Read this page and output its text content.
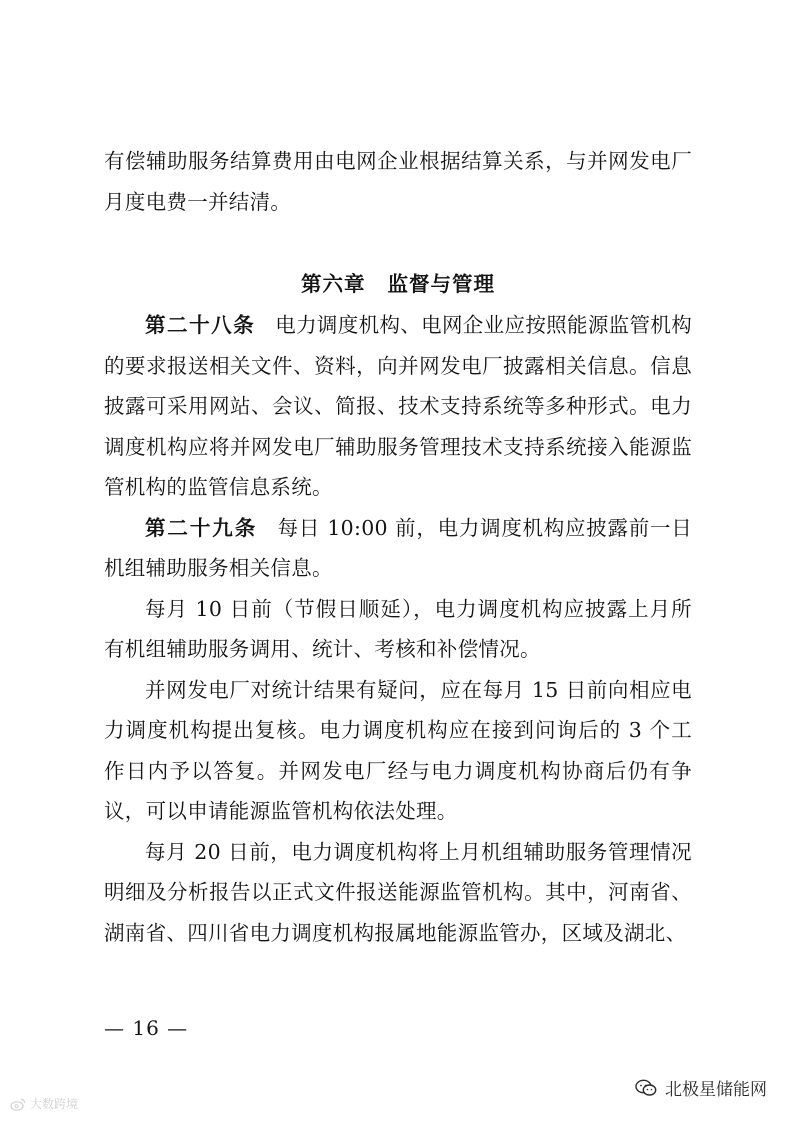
有偿辅助服务结算费用由电网企业根据结算关系，与并网发电厂月度电费一并结清。
第六章 监督与管理

第二十八条 电力调度机构、电网企业应按照能源监管机构的要求报送相关文件、资料，向并网发电厂披露相关信息。信息披露可采用网站、会议、简报、技术支持系统等多种形式。电力调度机构应将并网发电厂辅助服务管理技术支持系统接入能源监管机构的监管信息系统。

第二十九条 每日 10:00 前，电力调度机构应披露前一日机组辅助服务相关信息。

每月 10 日前（节假日顺延），电力调度机构应披露上月所有机组辅助服务调用、统计、考核和补偿情况。

并网发电厂对统计结果有疑问，应在每月 15 日前向相应电力调度机构提出复核。电力调度机构应在接到问询后的 3 个工作日内予以答复。并网发电厂经与电力调度机构协商后仍有争议，可以申请能源监管机构依法处理。

每月 20 日前，电力调度机构将上月机组辅助服务管理情况明细及分析报告以正式文件报送能源监管机构。其中，河南省、湖南省、四川省电力调度机构报属地能源监管办，区域及湖北、

— 16 —
北极星储能网
大数跨境
